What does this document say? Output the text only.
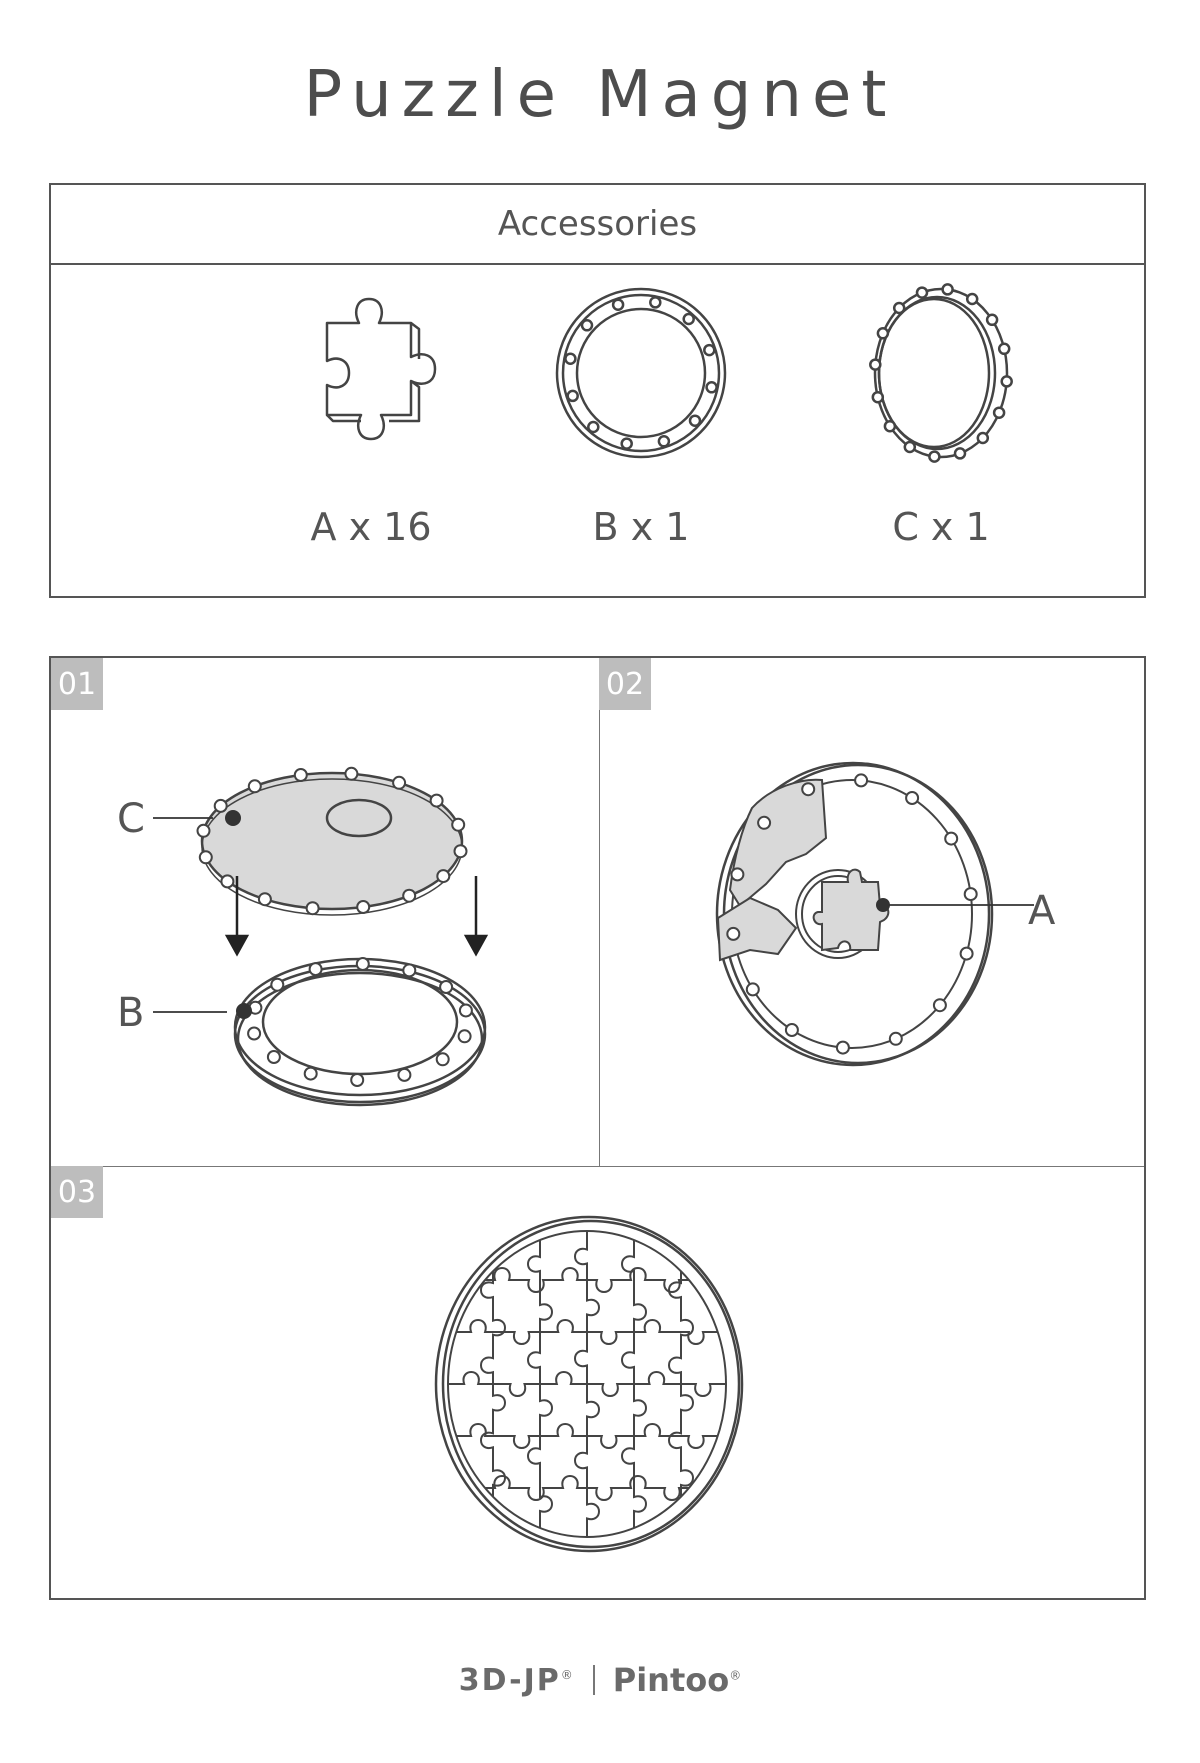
Puzzle Magnet
Accessories
A x 16	B x 1	C x 1
01
C
B
02
A
03
3D-JP® Pintoo®
